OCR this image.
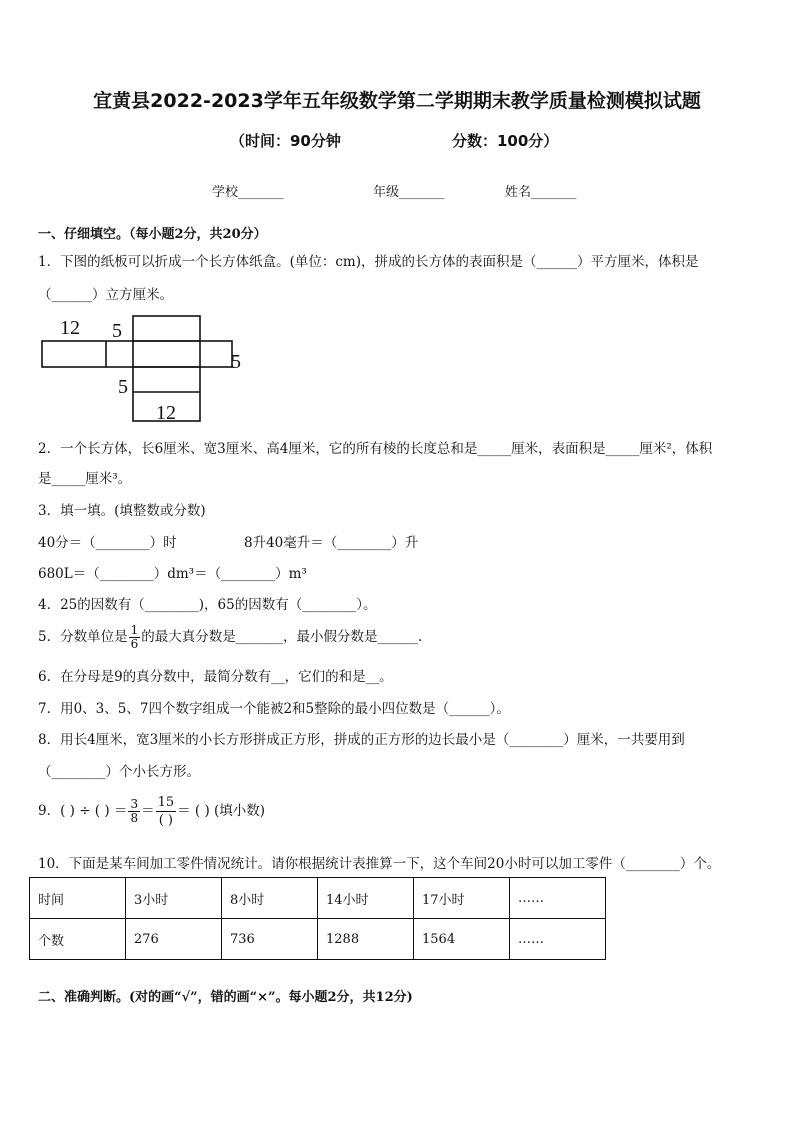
宜黄县2022-2023学年五年级数学第二学期期末教学质量检测模拟试题
（时间：90分钟	分数：100分）
学校_______	年级_______	姓名_______
一、仔细填空。（每小题2分，共20分）
1．下图的纸板可以折成一个长方体纸盒。(单位：cm)，拼成的长方体的表面积是（______）平方厘米，体积是
（______）立方厘米。
12 5
5
5
12
2．一个长方体，长6厘米、宽3厘米、高4厘米，它的所有棱的长度总和是_____厘米，表面积是_____厘米²，体积
是_____厘米³。
3．填一填。(填整数或分数)
40分＝（________）时	8升40毫升＝（________）升
680L＝（________）dm³＝（________）m³
4．25的因数有（________)，65的因数有（________）。
5．分数单位是 $\frac{1}{6}$ 的最大真分数是_______，最小假分数是______.
6．在分母是9的真分数中，最简分数有__，它们的和是__。
7．用0、3、5、7四个数字组成一个能被2和5整除的最小四位数是（______）。
8．用长4厘米，宽3厘米的小长方形拼成正方形，拼成的正方形的边长最小是（________）厘米，一共要用到
（________）个小长方形。
9．( ) ÷ ( ) ＝ $\frac{3}{8} = \frac{15}{( )}$ ＝ ( ) (填小数)
10．下面是某车间加工零件情况统计。请你根据统计表推算一下，这个车间20小时可以加工零件（________）个。
时间	3小时	8小时	14小时	17小时	……
个数	276	736	1288	1564	……
二、准确判断。(对的画“√”，错的画“×”。每小题2分，共12分)
